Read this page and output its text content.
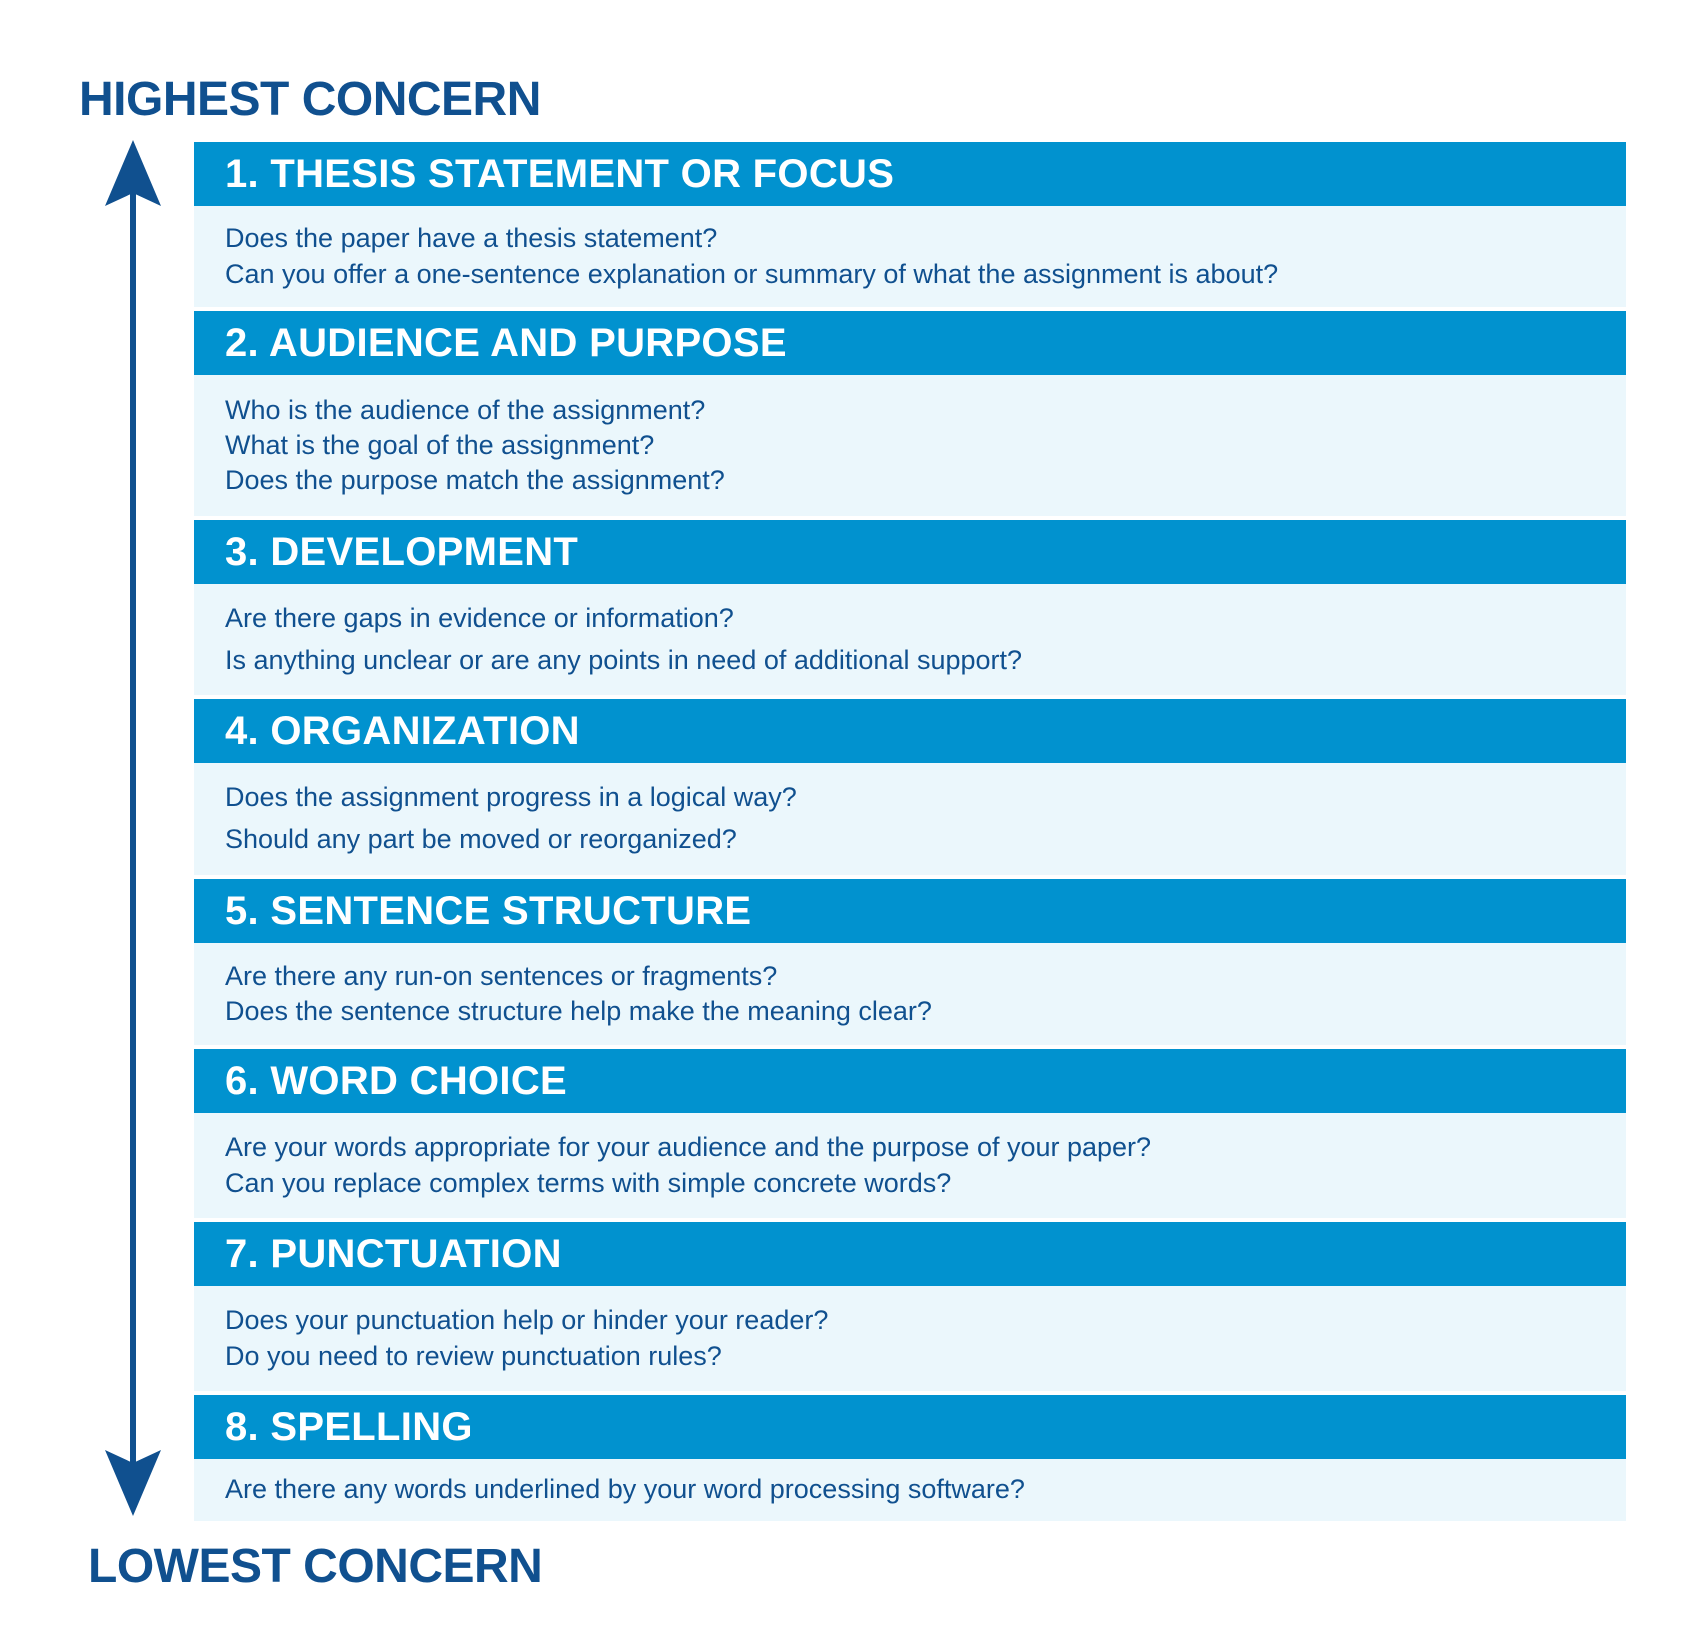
HIGHEST CONCERN
1. THESIS STATEMENT OR FOCUS
Does the paper have a thesis statement?
Can you offer a one-sentence explanation or summary of what the assignment is about?
2. AUDIENCE AND PURPOSE
Who is the audience of the assignment?
What is the goal of the assignment?
Does the purpose match the assignment?
3. DEVELOPMENT
Are there gaps in evidence or information?
Is anything unclear or are any points in need of additional support?
4. ORGANIZATION
Does the assignment progress in a logical way?
Should any part be moved or reorganized?
5. SENTENCE STRUCTURE
Are there any run-on sentences or fragments?
Does the sentence structure help make the meaning clear?
6. WORD CHOICE
Are your words appropriate for your audience and the purpose of your paper?
Can you replace complex terms with simple concrete words?
7. PUNCTUATION
Does your punctuation help or hinder your reader?
Do you need to review punctuation rules?
8. SPELLING
Are there any words underlined by your word processing software?
LOWEST CONCERN
